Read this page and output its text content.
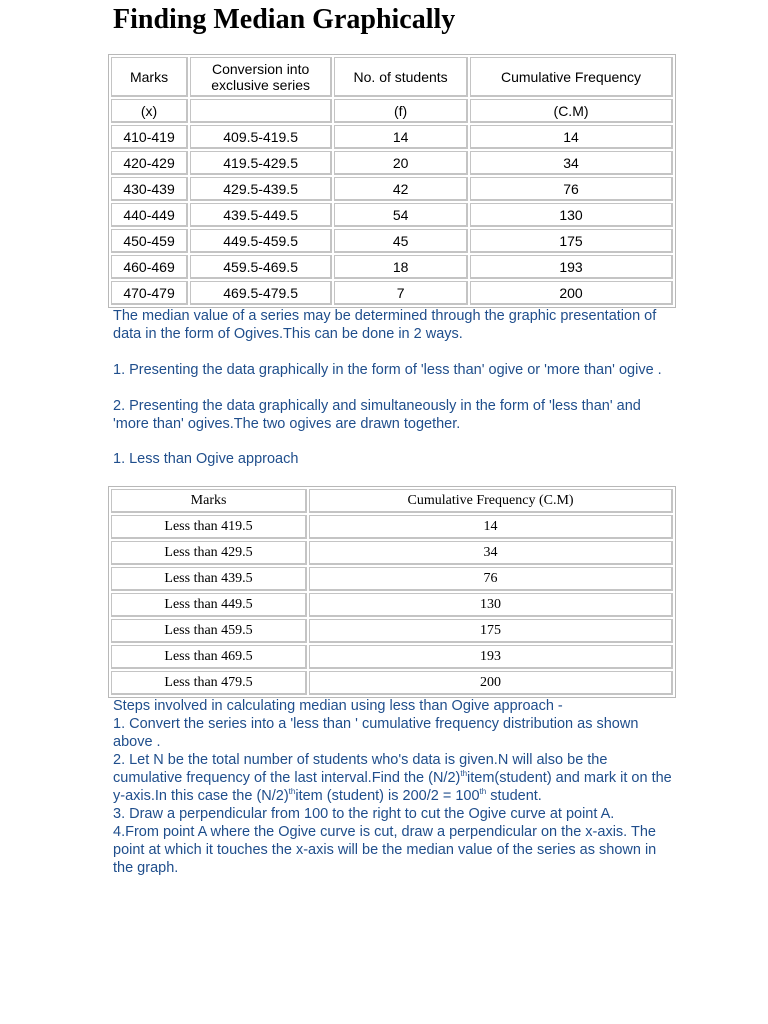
Finding Median Graphically
Marks	Conversion into exclusive series	No. of students	Cumulative Frequency
(x)		(f)	(C.M)
410-419	409.5-419.5	14	14
420-429	419.5-429.5	20	34
430-439	429.5-439.5	42	76
440-449	439.5-449.5	54	130
450-459	449.5-459.5	45	175
460-469	459.5-469.5	18	193
470-479	469.5-479.5	7	200

The median value of a series may be determined through the graphic presentation of data in the form of Ogives.This can be done in 2 ways.

1. Presenting the data graphically in the form of 'less than' ogive or 'more than' ogive .

2. Presenting the data graphically and simultaneously in the form of 'less than' and 'more than' ogives.The two ogives are drawn together.

1. Less than Ogive approach

Marks	Cumulative Frequency (C.M)
Less than 419.5	14
Less than 429.5	34
Less than 439.5	76
Less than 449.5	130
Less than 459.5	175
Less than 469.5	193
Less than 479.5	200

Steps involved in calculating median using less than Ogive approach -

1. Convert the series into a 'less than ' cumulative frequency distribution as shown above .

2. Let N be the total number of students who's data is given.N will also be the cumulative frequency of the last interval.Find the $(N/2)^{th}item(student)$ and mark it on the y-axis.In this case the $(N/2)^{th}item$ (student) is 200/2 = 100th student.

3. Draw a perpendicular from 100 to the right to cut the Ogive curve at point A.

4.From point A where the Ogive curve is cut, draw a perpendicular on the x-axis. The point at which it touches the x-axis will be the median value of the series as shown in the graph.
